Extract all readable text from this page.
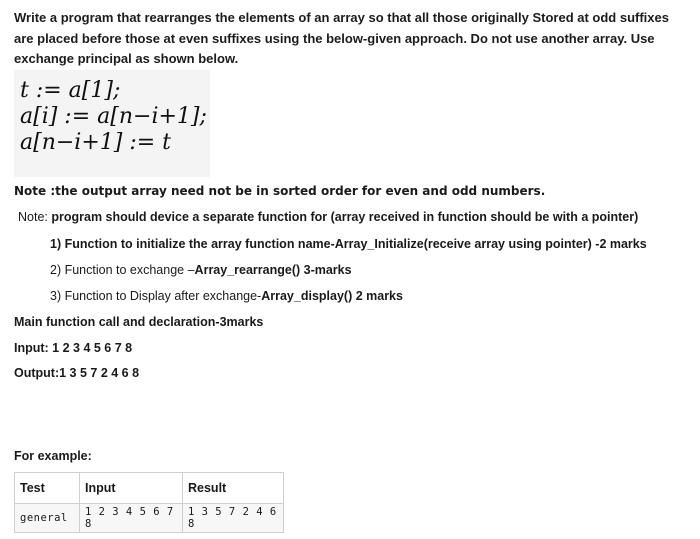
Write a program that rearranges the elements of an array so that all those originally Stored at odd suffixes are placed before those at even suffixes using the below-given approach. Do not use another array. Use exchange principal as shown below.
t := a[1];
a[i] := a[n−i+1];
a[n−i+1] := t
Note :the output array need not be in sorted order for even and odd numbers.
Note: program should device a separate function for (array received in function should be with a pointer)
1) Function to initialize the array function name-Array_Initialize(receive array using pointer) -2 marks
2) Function to exchange –Array_rearrange() 3-marks
3) Function to Display after exchange-Array_display() 2 marks
Main function call and declaration-3marks
Input: 1 2 3 4 5 6 7 8
Output:1 3 5 7 2 4 6 8
For example:
Test	Input	Result
general	1 2 3 4 5 6 7 8	1 3 5 7 2 4 6 8
